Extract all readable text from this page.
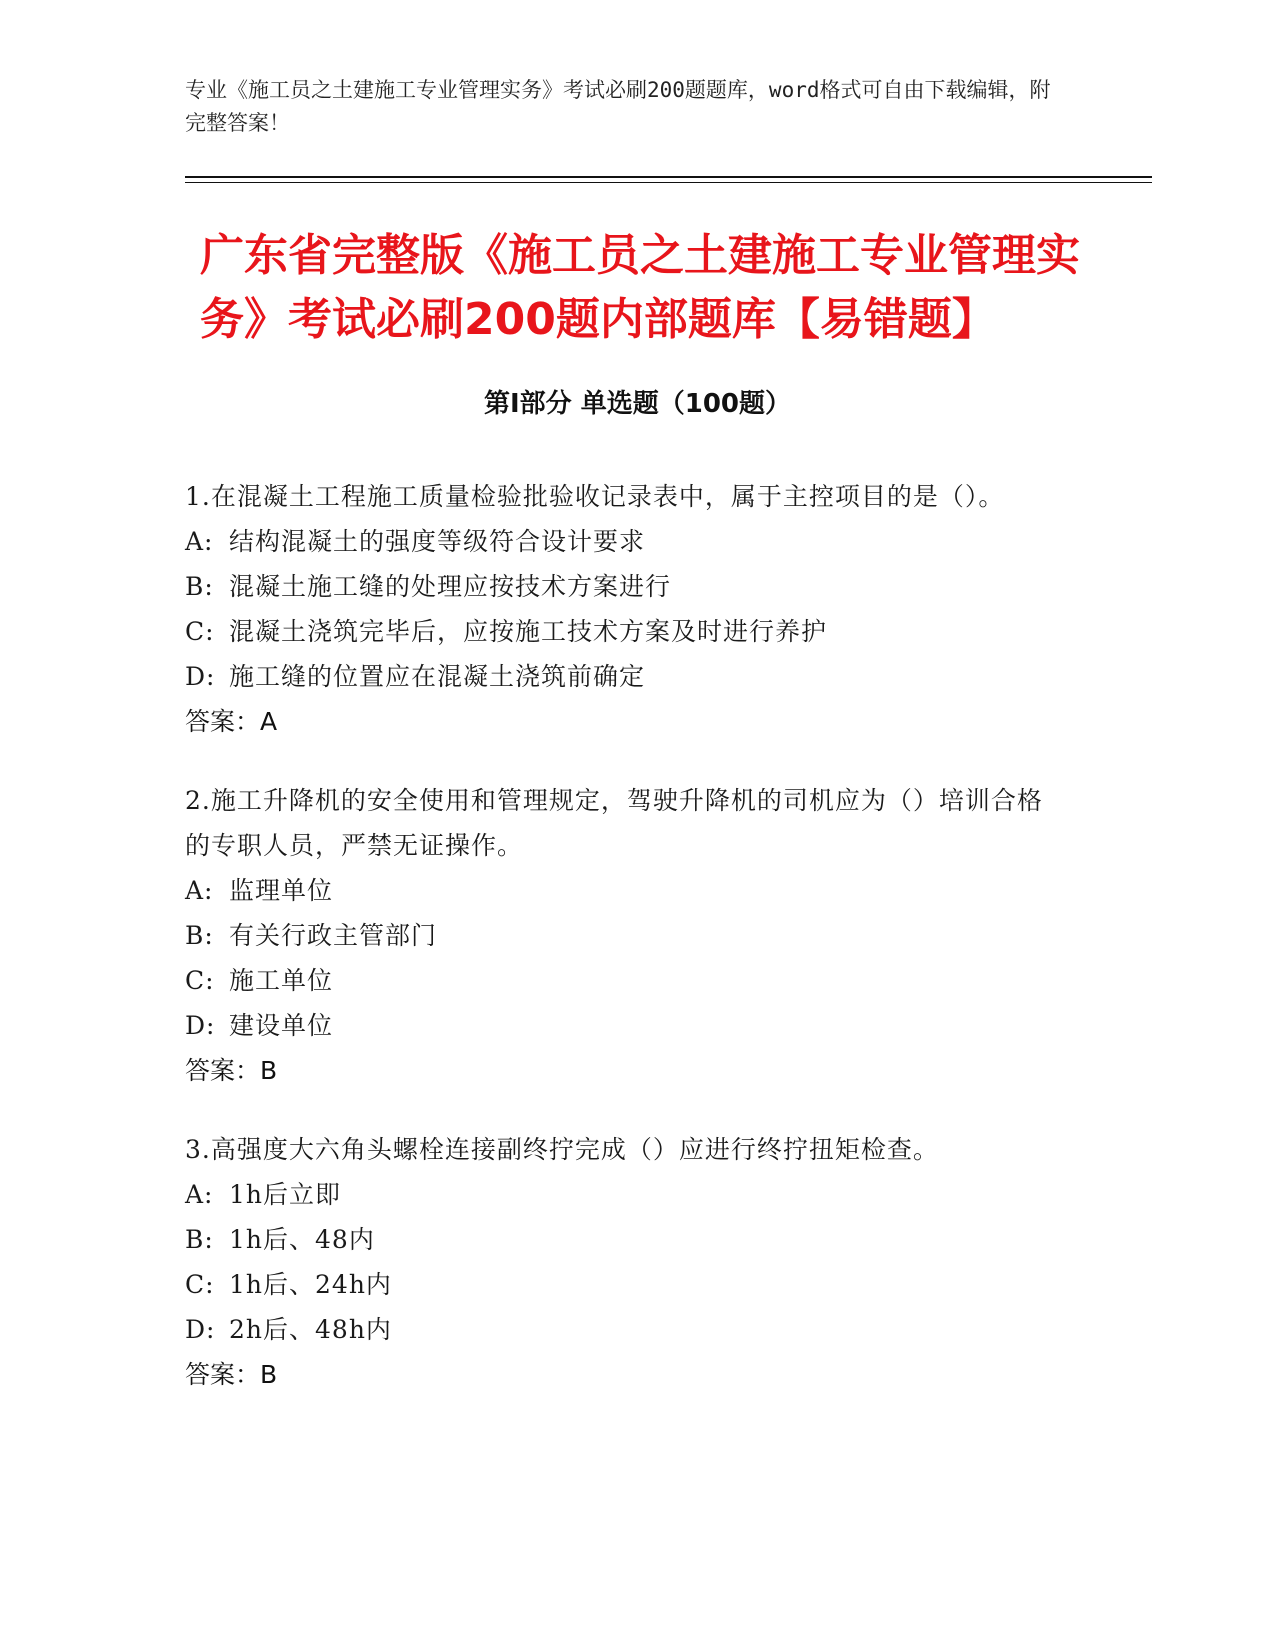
专业《施工员之土建施工专业管理实务》考试必刷200题题库，word格式可自由下载编辑，附完整答案！

广东省完整版《施工员之土建施工专业管理实务》考试必刷200题内部题库【易错题】
第I部分 单选题（100题）

1.在混凝土工程施工质量检验批验收记录表中，属于主控项目的是（）。

A: 结构混凝土的强度等级符合设计要求

B: 混凝土施工缝的处理应按技术方案进行

C: 混凝土浇筑完毕后，应按施工技术方案及时进行养护

D: 施工缝的位置应在混凝土浇筑前确定

答案：A

2.施工升降机的安全使用和管理规定，驾驶升降机的司机应为（）培训合格的专职人员，严禁无证操作。

A: 监理单位

B: 有关行政主管部门

C: 施工单位

D: 建设单位

答案：B

3.高强度大六角头螺栓连接副终拧完成（）应进行终拧扭矩检查。

A: 1h后立即

B: 1h后、48内

C: 1h后、24h内

D: 2h后、48h内

答案：B
